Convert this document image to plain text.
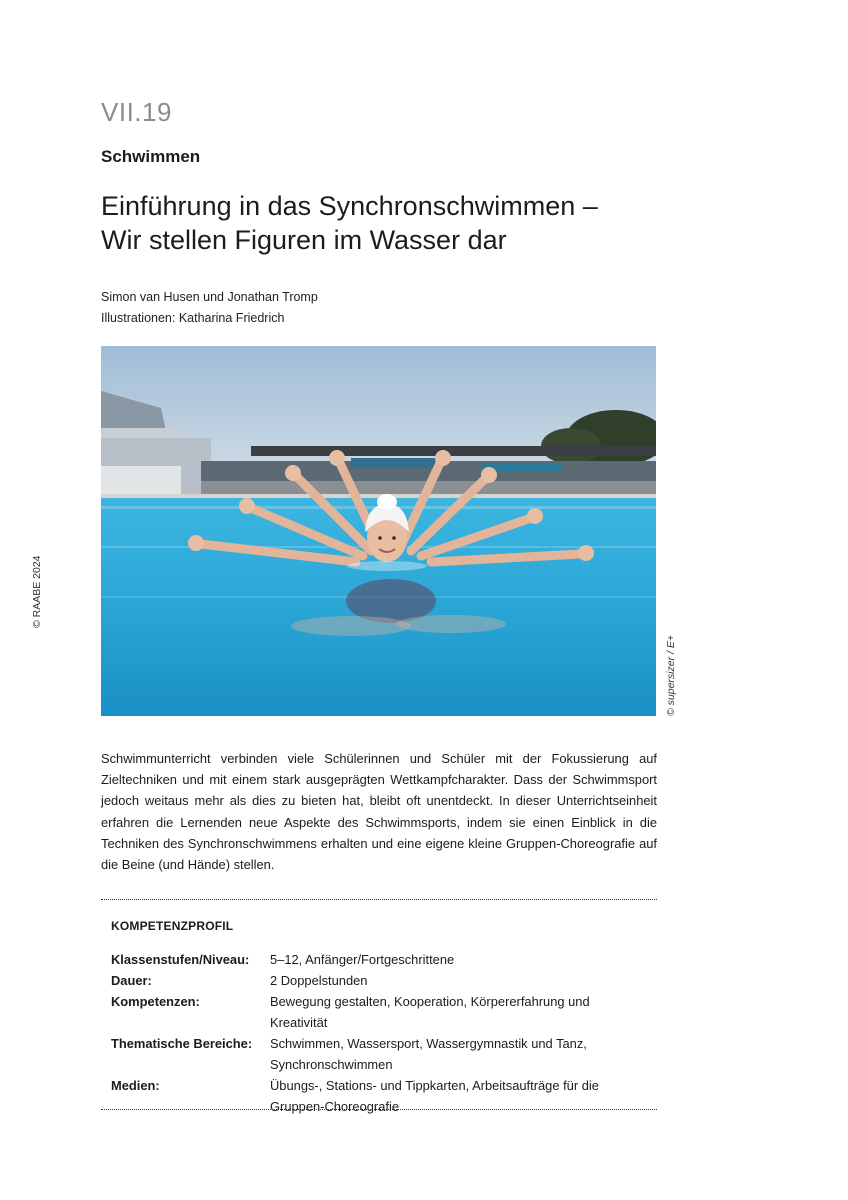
VII.19
Schwimmen
Einführung in das Synchronschwimmen –
Wir stellen Figuren im Wasser dar
Simon van Husen und Jonathan Tromp
Illustrationen: Katharina Friedrich
© RAABE 2024
© supersizer / E+
Schwimmunterricht verbinden viele Schülerinnen und Schüler mit der Fokussierung auf Zieltechniken und mit einem stark ausgeprägten Wettkampfcharakter. Dass der Schwimmsport jedoch weitaus mehr als dies zu bieten hat, bleibt oft unentdeckt. In dieser Unterrichtseinheit erfahren die Lernenden neue Aspekte des Schwimmsports, indem sie einen Einblick in die Techniken des Synchronschwimmens erhalten und eine eigene kleine Gruppen-Choreografie auf die Beine (und Hände) stellen.
KOMPETENZPROFIL
Klassenstufen/Niveau:	5–12, Anfänger/Fortgeschrittene
Dauer:	2 Doppelstunden
Kompetenzen:	Bewegung gestalten, Kooperation, Körpererfahrung und Kreativität
Thematische Bereiche:	Schwimmen, Wassersport, Wassergymnastik und Tanz, Synchronschwimmen
Medien:	Übungs-, Stations- und Tippkarten, Arbeitsaufträge für die Gruppen-Choreografie
